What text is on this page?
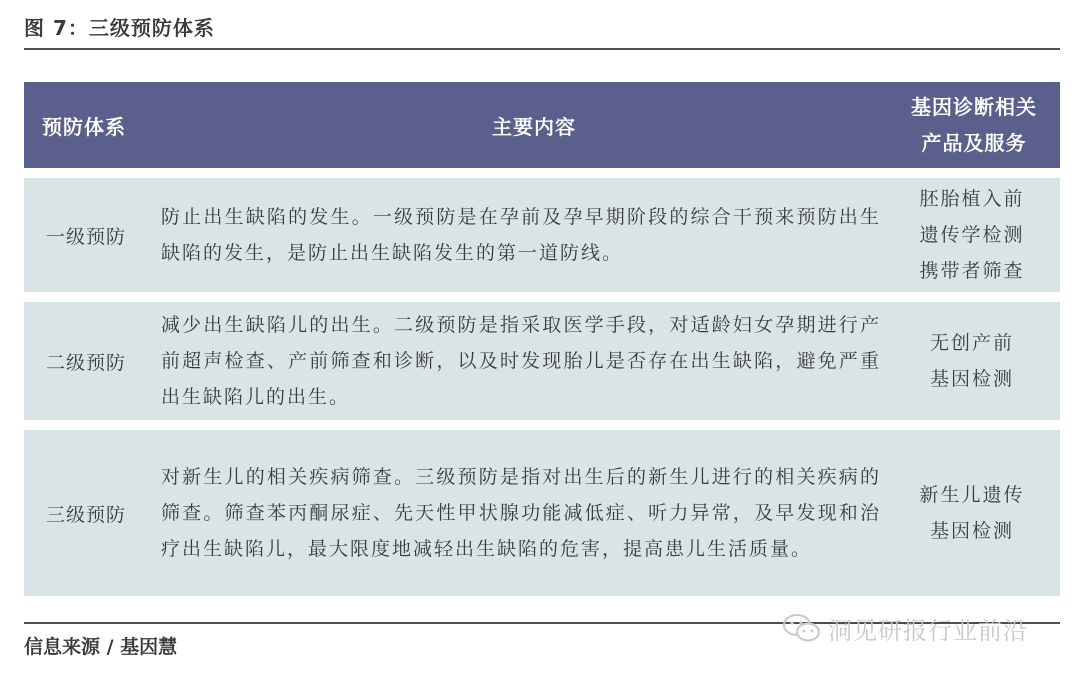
图 7：三级预防体系
预防体系	主要内容
基因诊断相关
产品及服务
一级预防
防止出生缺陷的发生。一级预防是在孕前及孕早期阶段的综合干预来预防出生缺陷的发生，是防止出生缺陷发生的第一道防线。
胚胎植入前
遗传学检测
携带者筛查
二级预防
减少出生缺陷儿的出生。二级预防是指采取医学手段，对适龄妇女孕期进行产前超声检查、产前筛查和诊断，以及时发现胎儿是否存在出生缺陷，避免严重出生缺陷儿的出生。
无创产前
基因检测
三级预防
对新生儿的相关疾病筛查。三级预防是指对出生后的新生儿进行的相关疾病的筛查。筛查苯丙酮尿症、先天性甲状腺功能减低症、听力异常，及早发现和治疗出生缺陷儿，最大限度地减轻出生缺陷的危害，提高患儿生活质量。
新生儿遗传
基因检测
信息来源 / 基因慧
洞见研报行业前沿
